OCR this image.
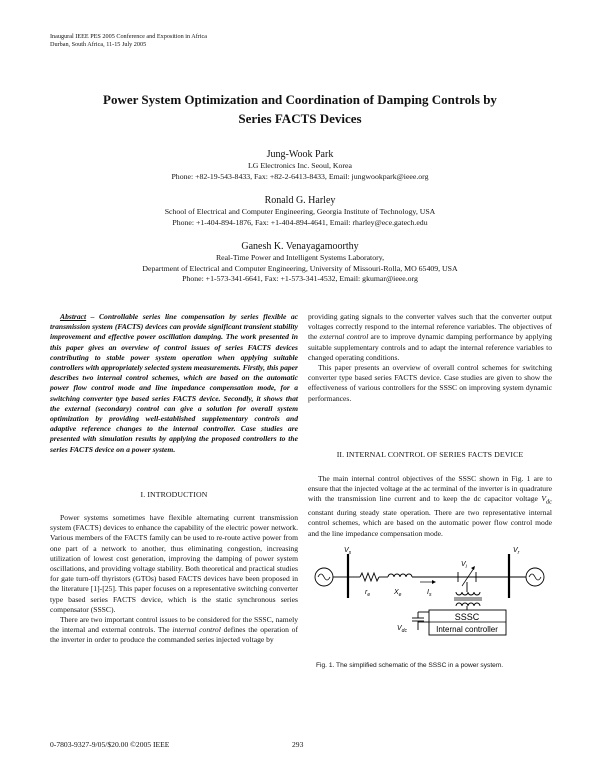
Inaugural IEEE PES 2005 Conference and Exposition in Africa
Durban, South Africa, 11-15 July 2005
Power System Optimization and Coordination of Damping Controls by
Series FACTS Devices
Jung-Wook Park
LG Electronics Inc. Seoul, Korea
Phone: +82-19-543-8433, Fax: +82-2-6413-8433, Email: jungwookpark@ieee.org
Ronald G. Harley
School of Electrical and Computer Engineering, Georgia Institute of Technology, USA
Phone: +1-404-894-1876, Fax: +1-404-894-4641, Email: rharley@ece.gatech.edu
Ganesh K. Venayagamoorthy
Real-Time Power and Intelligent Systems Laboratory,
Department of Electrical and Computer Engineering, University of Missouri-Rolla, MO 65409, USA
Phone: +1-573-341-6641, Fax: +1-573-341-4532, Email: gkumar@ieee.org

Abstract – Controllable series line compensation by series flexible ac transmission system (FACTS) devices can provide significant transient stability improvement and effective power oscillation damping. The work presented in this paper gives an overview of control issues of series FACTS devices contributing to stable power system operation when applying suitable controllers with appropriately selected system measurements. Firstly, this paper describes two internal control schemes, which are based on the automatic power flow control mode and line impedance compensation mode, for a switching converter type based series FACTS device. Secondly, it shows that the external (secondary) control can give a solution for overall system optimization by providing well-established supplementary controls and adaptive reference changes to the internal controller. Case studies are presented with simulation results by applying the proposed controllers to the series FACTS device on a power system.

I. INTRODUCTION

Power systems sometimes have flexible alternating current transmission system (FACTS) devices to enhance the capability of the electric power network. Various members of the FACTS family can be used to re-route active power from one part of a network to another, thus eliminating congestion, increasing utilization of lowest cost generation, improving the damping of power system oscillations, and providing voltage stability. Both theoretical and practical studies for gate turn-off thyristors (GTOs) based FACTS devices have been proposed in the literature [1]-[25]. This paper focuses on a representative switching converter type based series FACTS device, which is the static synchronous series compensator (SSSC).

There are two important control issues to be considered for the SSSC, namely the internal and external controls. The internal control defines the operation of the inverter in order to produce the commanded series injected voltage by

providing gating signals to the converter valves such that the converter output voltages correctly respond to the internal reference variables. The objectives of the external control are to improve dynamic damping performance by applying suitable supplementary controls and to adapt the internal reference variables to changed operating conditions.

This paper presents an overview of overall control schemes for switching converter type based series FACTS device. Case studies are given to show the effectiveness of various controllers for the SSSC on improving system dynamic performances.

II. INTERNAL CONTROL OF SERIES FACTS DEVICE

The main internal control objectives of the SSSC shown in Fig. 1 are to ensure that the injected voltage at the ac terminal of the inverter is in quadrature with the transmission line current and to keep the dc capacitor voltage $V_{dc}$ constant during steady state operation. There are two representative internal control schemes, which are based on the automatic power flow control mode and the line impedance compensation mode.

$V_s$
$r_e$	$X_e$	$I_s$
$V_i$
SSSC
Internal controller
$V_{dc}$
$V_r$
Fig. 1. The simplified schematic of the SSSC in a power system.
0-7803-9327-9/05/$20.00 ©2005 IEEE	293
